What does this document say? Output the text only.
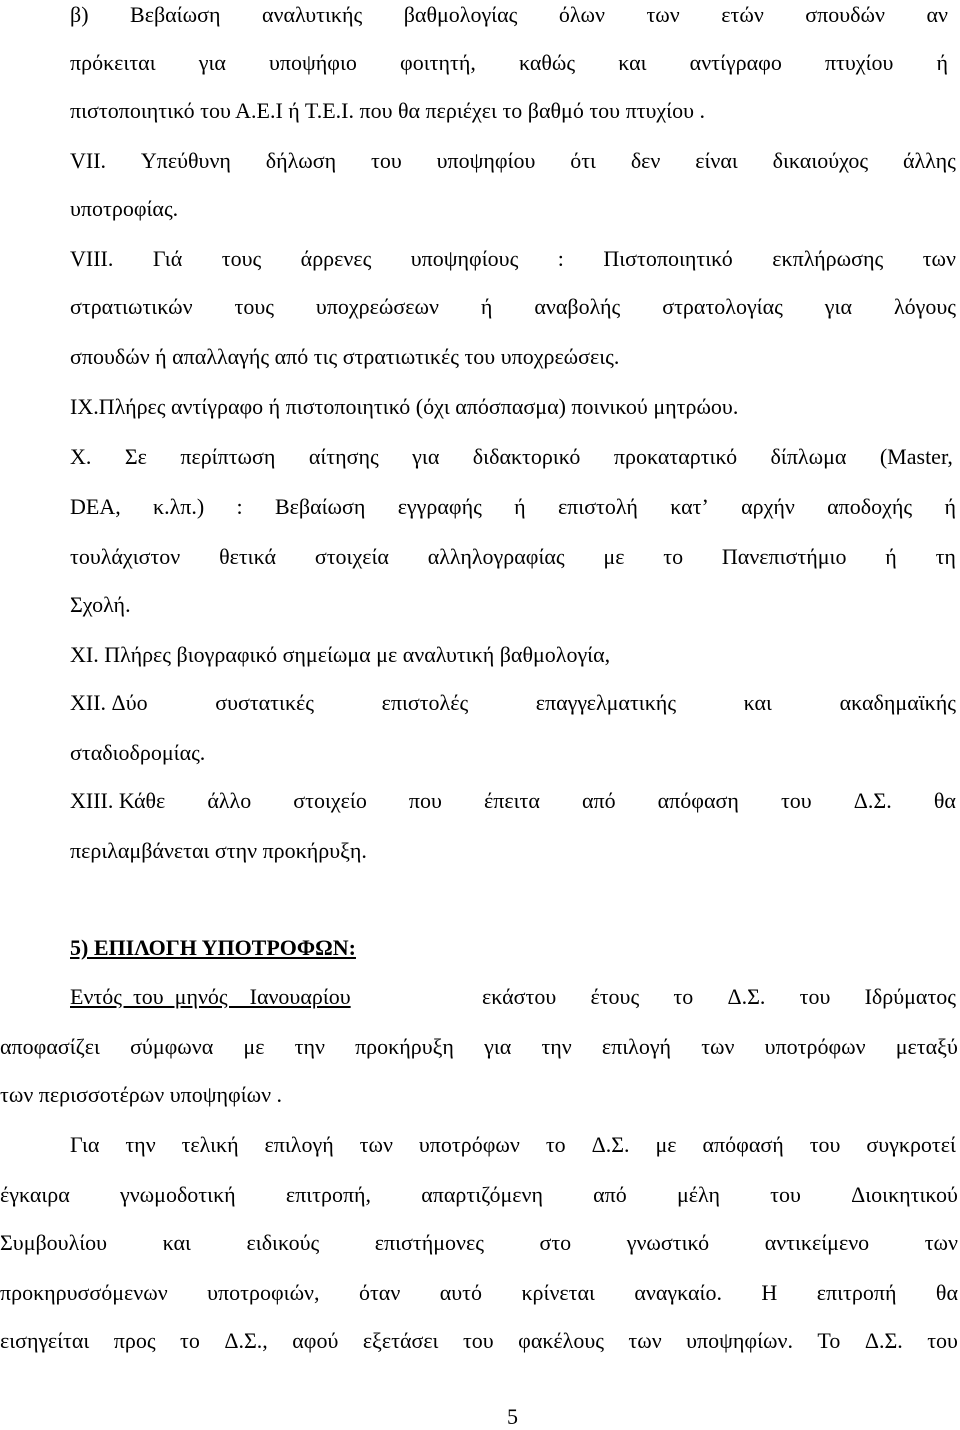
β) Βεβαίωση αναλυτικής βαθμολογίας όλων των ετών σπουδών αν
πρόκειται για υποψήφιο φοιτητή, καθώς και αντίγραφο πτυχίου ή
πιστοποιητικό του Α.Ε.Ι ή Τ.Ε.Ι. που θα περιέχει το βαθμό του πτυχίου .
VII. Υπεύθυνη δήλωση του υποψηφίου ότι δεν είναι δικαιούχος άλλης
υποτροφίας.
VIII. Γιά τους άρρενες υποψηφίους : Πιστοποιητικό εκπλήρωσης των
στρατιωτικών τους υποχρεώσεων ή αναβολής στρατολογίας για λόγους
σπουδών ή απαλλαγής από τις στρατιωτικές του υποχρεώσεις.
IX.Πλήρες αντίγραφο ή πιστοποιητικό (όχι απόσπασμα) ποινικού μητρώου.
X. Σε περίπτωση αίτησης για διδακτορικό προκαταρτικό δίπλωμα (Master,
DEA, κ.λπ.) : Βεβαίωση εγγραφής ή επιστολή κατ’ αρχήν αποδοχής ή
τουλάχιστον θετικά στοιχεία αλληλογραφίας με το Πανεπιστήμιο ή τη
Σχολή.
XI. Πλήρες βιογραφικό σημείωμα με αναλυτική βαθμολογία,
XII. Δύο	συστατικές	επιστολές	επαγγελματικής	και	ακαδημαϊκής
σταδιοδρομίας.
XIII. Κάθε άλλο στοιχείο που έπειτα από απόφαση του Δ.Σ. θα
περιλαμβάνεται στην προκήρυξη.
5) ΕΠΙΛΟΓΗ ΥΠΟΤΡΟΦΩΝ:
Εντός  του  μηνός    Ιανουαρίου	εκάστου έτους το Δ.Σ. του Ιδρύματος
αποφασίζει σύμφωνα με την προκήρυξη για την επιλογή των υποτρόφων μεταξύ
των περισσοτέρων υποψηφίων .
Για την τελική επιλογή των υποτρόφων το Δ.Σ. με απόφασή του συγκροτεί
έγκαιρα γνωμοδοτική επιτροπή, απαρτιζόμενη από μέλη του Διοικητικού
Συμβουλίου	και	ειδικούς	επιστήμονες	στο	γνωστικό	αντικείμενο	των
προκηρυσσόμενων υποτροφιών, όταν αυτό κρίνεται αναγκαίο. Η επιτροπή θα
εισηγείται προς το Δ.Σ., αφού εξετάσει του φακέλους των υποψηφίων. Το Δ.Σ. του
5
